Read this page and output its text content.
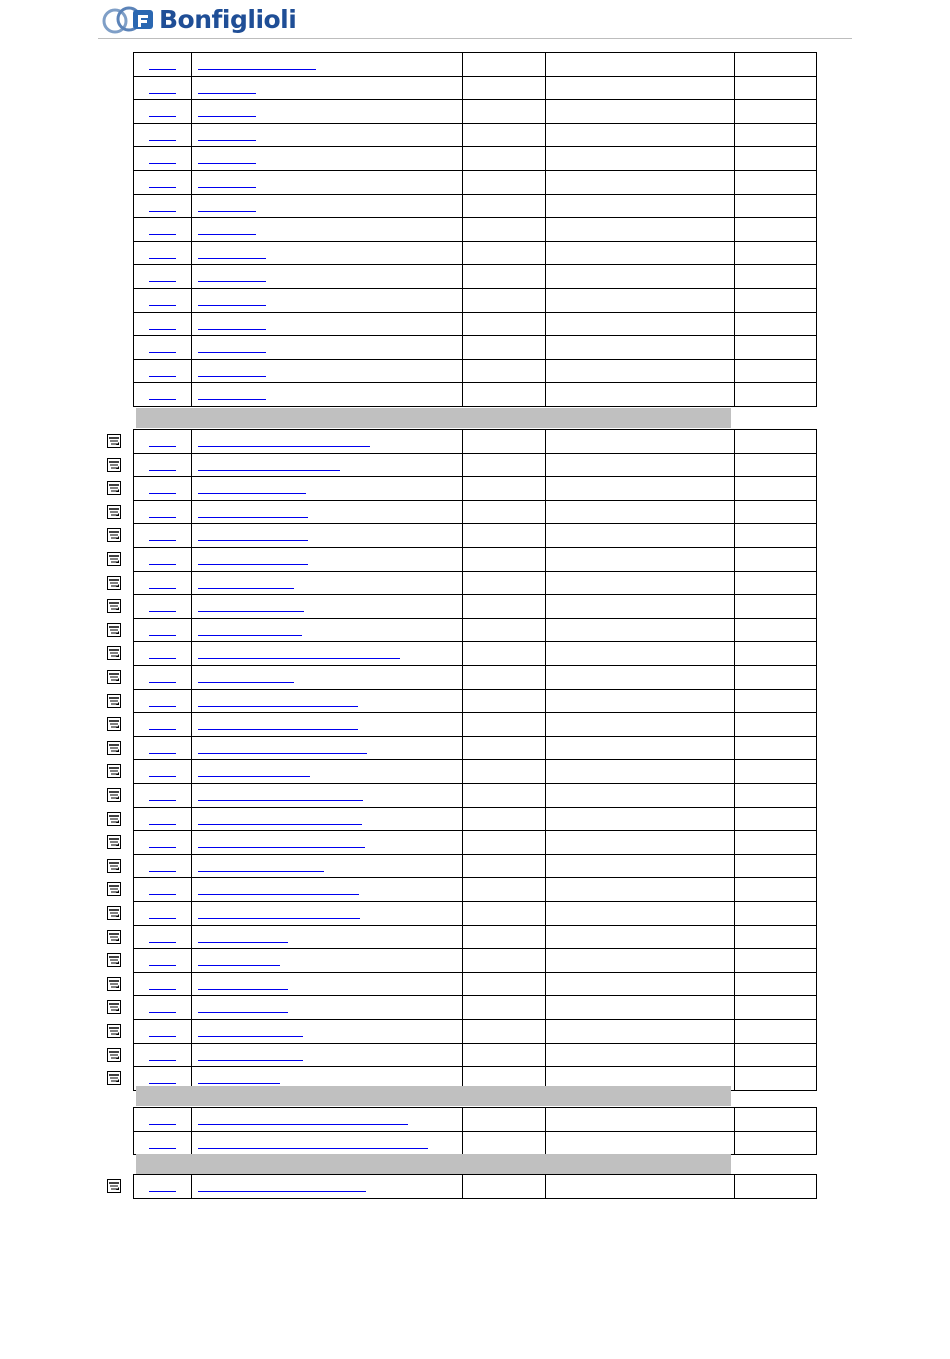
Bonfiglioli
